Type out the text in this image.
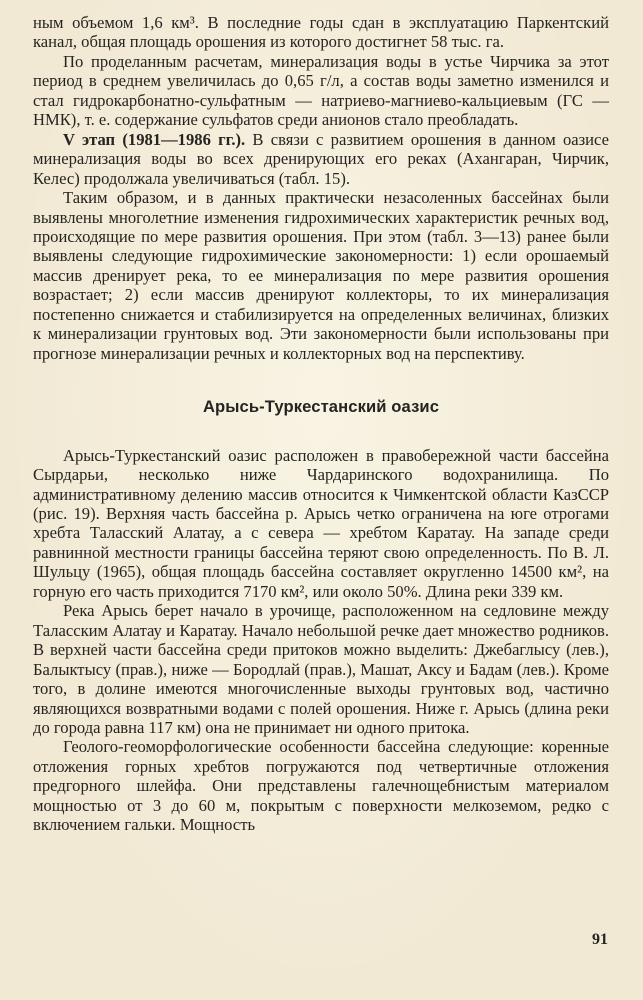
ным объемом 1,6 км³. В последние годы сдан в эксплуатацию Паркентский канал, общая площадь орошения из которого достигнет 58 тыс. га.

По проделанным расчетам, минерализация воды в устье Чирчика за этот период в среднем увеличилась до 0,65 г/л, а состав воды заметно изменился и стал гидрокарбонатно-сульфатным — натриево-магниево-кальциевым (ГС — НМК), т. е. содержание сульфатов среди анионов стало преобладать.

V этап (1981—1986 гг.). В связи с развитием орошения в данном оазисе минерализация воды во всех дренирующих его реках (Ахангаран, Чирчик, Келес) продолжала увеличиваться (табл. 15).

Таким образом, и в данных практически незасоленных бассейнах были выявлены многолетние изменения гидрохимических характеристик речных вод, происходящие по мере развития орошения. При этом (табл. 3—13) ранее были выявлены следующие гидрохимические закономерности: 1) если орошаемый массив дренирует река, то ее минерализация по мере развития орошения возрастает; 2) если массив дренируют коллекторы, то их минерализация постепенно снижается и стабилизируется на определенных величинах, близких к минерализации грунтовых вод. Эти закономерности были использованы при прогнозе минерализации речных и коллекторных вод на перспективу.

Арысь-Туркестанский оазис

Арысь-Туркестанский оазис расположен в правобережной части бассейна Сырдарьи, несколько ниже Чардаринского водохранилища. По административному делению массив относится к Чимкентской области КазССР (рис. 19). Верхняя часть бассейна р. Арысь четко ограничена на юге отрогами хребта Таласский Алатау, а с севера — хребтом Каратау. На западе среди равнинной местности границы бассейна теряют свою определенность. По В. Л. Шульцу (1965), общая площадь бассейна составляет округленно 14500 км², на горную его часть приходится 7170 км², или около 50%. Длина реки 339 км.

Река Арысь берет начало в урочище, расположенном на седловине между Таласским Алатау и Каратау. Начало небольшой речке дает множество родников. В верхней части бассейна среди притоков можно выделить: Джебаглысу (лев.), Балыктысу (прав.), ниже — Бородлай (прав.), Машат, Аксу и Бадам (лев.). Кроме того, в долине имеются многочисленные выходы грунтовых вод, частично являющихся возвратными водами с полей орошения. Ниже г. Арысь (длина реки до города равна 117 км) она не принимает ни одного притока.

Геолого-геоморфологические особенности бассейна следующие: коренные отложения горных хребтов погружаются под четвертичные отложения предгорного шлейфа. Они представлены галечнощебнистым материалом мощностью от 3 до 60 м, покрытым с поверхности мелкоземом, редко с включением гальки. Мощность

91
